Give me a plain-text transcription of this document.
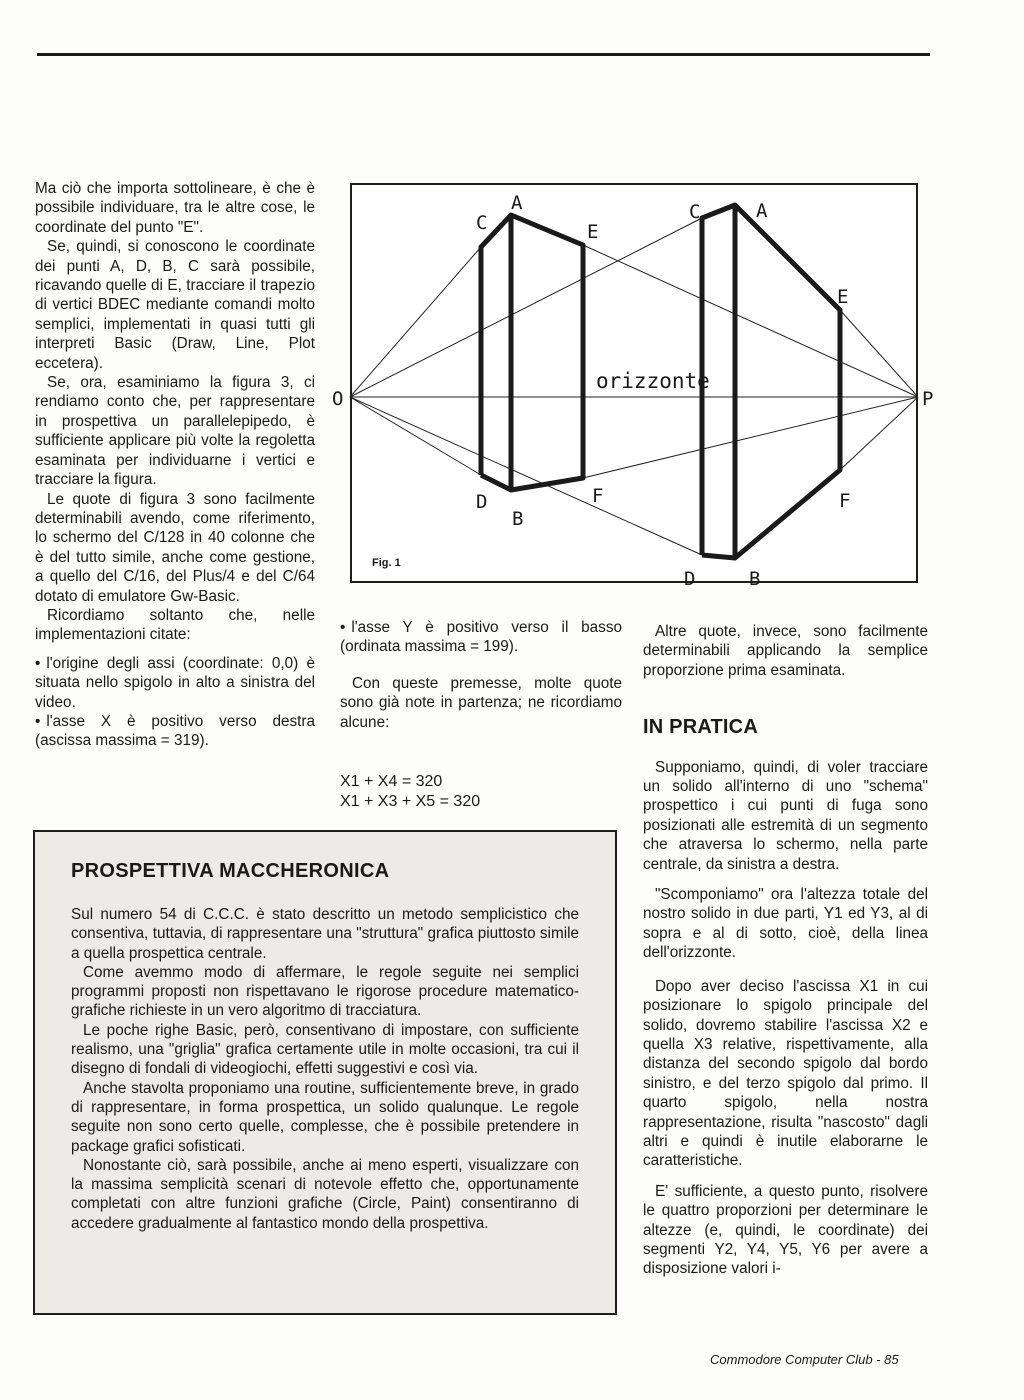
Ma ciò che importa sottolineare, è che è possibile individuare, tra le altre cose, le coordinate del punto "E".

Se, quindi, si conoscono le coordinate dei punti A, D, B, C sarà possibile, ricavando quelle di E, tracciare il trapezio di vertici BDEC mediante comandi molto semplici, implementati in quasi tutti gli interpreti Basic (Draw, Line, Plot eccetera).

Se, ora, esaminiamo la figura 3, ci rendiamo conto che, per rappresentare in prospettiva un parallelepipedo, è sufficiente applicare più volte la regoletta esaminata per individuarne i vertici e tracciare la figura.

Le quote di figura 3 sono facilmente determinabili avendo, come riferimento, lo schermo del C/128 in 40 colonne che è del tutto simile, anche come gestione, a quello del C/16, del Plus/4 e del C/64 dotato di emulatore Gw-Basic.

Ricordiamo soltanto che, nelle implementazioni citate:

• l'origine degli assi (coordinate: 0,0) è situata nello spigolo in alto a sinistra del video.

• l'asse X è positivo verso destra (ascissa massima = 319).

O	P
C
A
E
D
B
F
C	A
E
D	B
F
orizzonte
Fig. 1

• l'asse Y è positivo verso il basso (ordinata massima = 199).

Con queste premesse, molte quote sono già note in partenza; ne ricordiamo alcune:

X1 + X4 = 320
X1 + X3 + X5 = 320

Altre quote, invece, sono facilmente determinabili applicando la semplice proporzione prima esaminata.

IN PRATICA

Supponiamo, quindi, di voler tracciare un solido all'interno di uno "schema" prospettico i cui punti di fuga sono posizionati alle estremità di un segmento che atraversa lo schermo, nella parte centrale, da sinistra a destra.

"Scomponiamo" ora l'altezza totale del nostro solido in due parti, Y1 ed Y3, al di sopra e al di sotto, cioè, della linea dell'orizzonte.

Dopo aver deciso l'ascissa X1 in cui posizionare lo spigolo principale del solido, dovremo stabilire l'ascissa X2 e quella X3 relative, rispettivamente, alla distanza del secondo spigolo dal bordo sinistro, e del terzo spigolo dal primo. Il quarto spigolo, nella nostra rappresentazione, risulta "nascosto" dagli altri e quindi è inutile elaborarne le caratteristiche.

E' sufficiente, a questo punto, risolvere le quattro proporzioni per determinare le altezze (e, quindi, le coordinate) dei segmenti Y2, Y4, Y5, Y6 per avere a disposizione valori i-

PROSPETTIVA MACCHERONICA

Sul numero 54 di C.C.C. è stato descritto un metodo semplicistico che consentiva, tuttavia, di rappresentare una "struttura" grafica piuttosto simile a quella prospettica centrale.

Come avemmo modo di affermare, le regole seguite nei semplici programmi proposti non rispettavano le rigorose procedure matematico-grafiche richieste in un vero algoritmo di tracciatura.

Le poche righe Basic, però, consentivano di impostare, con sufficiente realismo, una "griglia" grafica certamente utile in molte occasioni, tra cui il disegno di fondali di videogiochi, effetti suggestivi e così via.

Anche stavolta proponiamo una routine, sufficientemente breve, in grado di rappresentare, in forma prospettica, un solido qualunque. Le regole seguite non sono certo quelle, complesse, che è possibile pretendere in package grafici sofisticati.

Nonostante ciò, sarà possibile, anche ai meno esperti, visualizzare con la massima semplicità scenari di notevole effetto che, opportunamente completati con altre funzioni grafiche (Circle, Paint) consentiranno di accedere gradualmente al fantastico mondo della prospettiva.

Commodore Computer Club - 85
